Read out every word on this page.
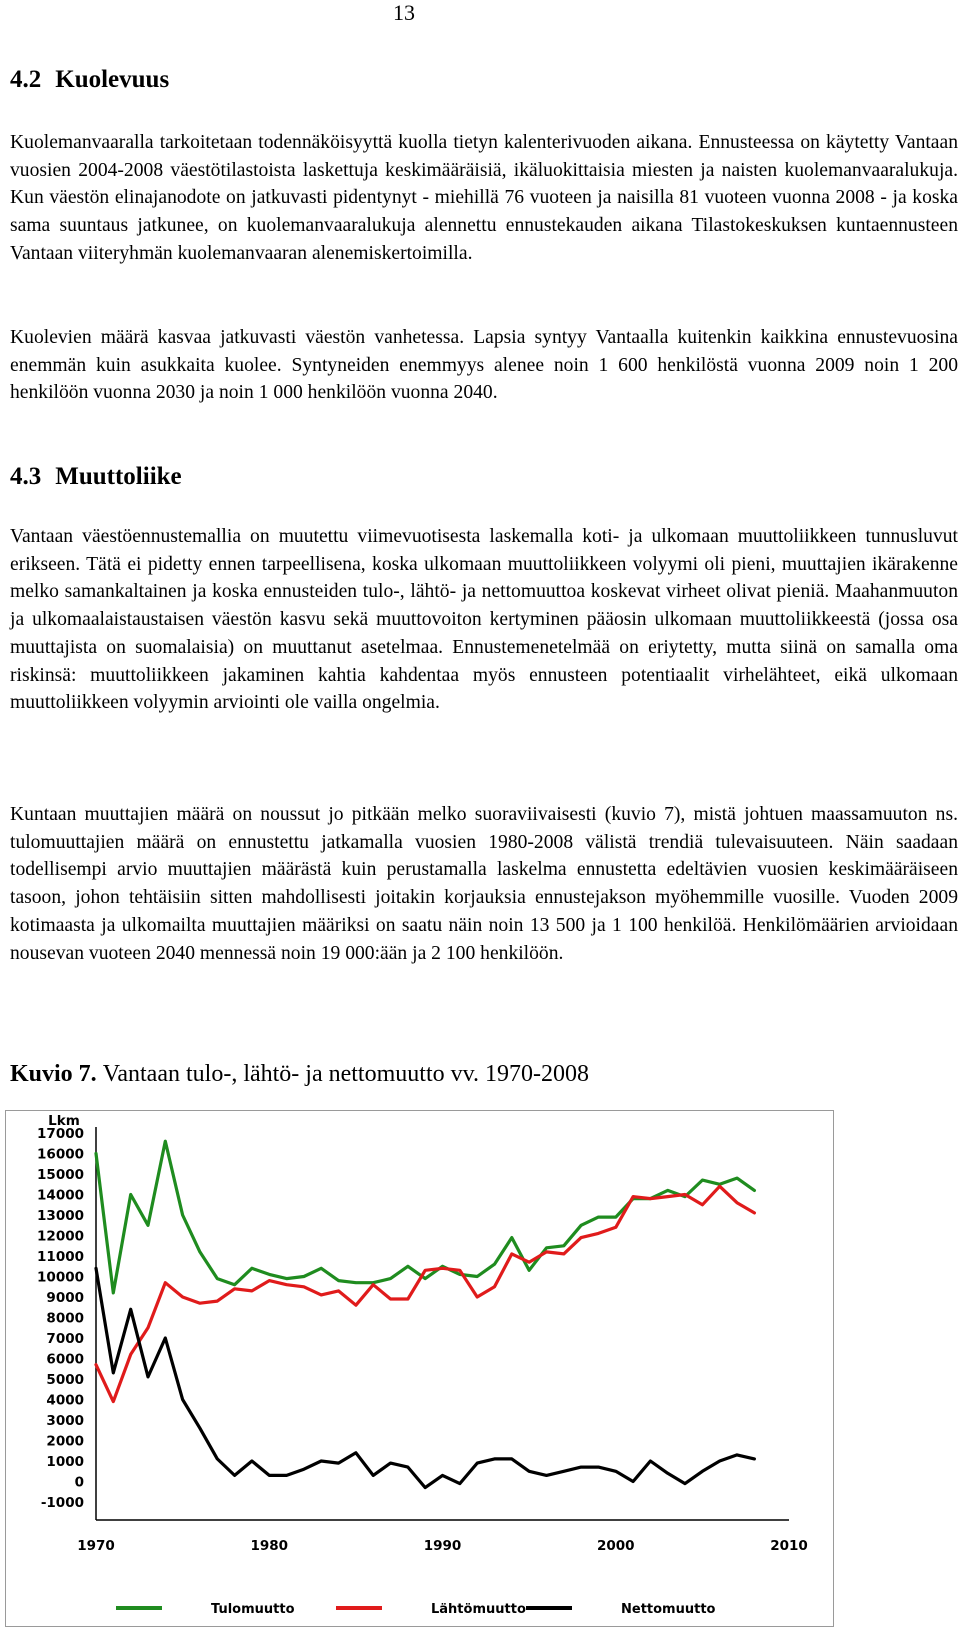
13
4.2 Kuolevuus

Kuolemanvaaralla tarkoitetaan todennäköisyyttä kuolla tietyn kalenterivuoden aikana. Ennusteessa on käytetty Vantaan vuosien 2004-2008 väestötilastoista laskettuja keskimääräisiä, ikäluokittaisia miesten ja naisten kuolemanvaaralukuja. Kun väestön elinajanodote on jatkuvasti pidentynyt - miehillä 76 vuoteen ja naisilla 81 vuoteen vuonna 2008 - ja koska sama suuntaus jatkunee, on kuolemanvaaralukuja alennettu ennustekauden aikana Tilastokeskuksen kuntaennusteen Vantaan viiteryhmän kuolemanvaaran alenemiskertoimilla.

Kuolevien määrä kasvaa jatkuvasti väestön vanhetessa. Lapsia syntyy Vantaalla kuitenkin kaikkina ennustevuosina enemmän kuin asukkaita kuolee. Syntyneiden enemmyys alenee noin 1 600 henkilöstä vuonna 2009 noin 1 200 henkilöön vuonna 2030 ja noin 1 000 henkilöön vuonna 2040.

4.3 Muuttoliike

Vantaan väestöennustemallia on muutettu viimevuotisesta laskemalla koti- ja ulkomaan muuttoliikkeen tunnusluvut erikseen. Tätä ei pidetty ennen tarpeellisena, koska ulkomaan muuttoliikkeen volyymi oli pieni, muuttajien ikärakenne melko samankaltainen ja koska ennusteiden tulo-, lähtö- ja nettomuuttoa koskevat virheet olivat pieniä. Maahanmuuton ja ulkomaalaistaustaisen väestön kasvu sekä muuttovoiton kertyminen pääosin ulkomaan muuttoliikkeestä (jossa osa muuttajista on suomalaisia) on muuttanut asetelmaa. Ennustemenetelmää on eriytetty, mutta siinä on samalla oma riskinsä: muuttoliikkeen jakaminen kahtia kahdentaa myös ennusteen potentiaalit virhelähteet, eikä ulkomaan muuttoliikkeen volyymin arviointi ole vailla ongelmia.

Kuntaan muuttajien määrä on noussut jo pitkään melko suoraviivaisesti (kuvio 7), mistä johtuen maassamuuton ns. tulomuuttajien määrä on ennustettu jatkamalla vuosien 1980-2008 välistä trendiä tulevaisuuteen. Näin saadaan todellisempi arvio muuttajien määrästä kuin perustamalla laskelma ennustetta edeltävien vuosien keskimääräiseen tasoon, johon tehtäisiin sitten mahdollisesti joitakin korjauksia ennustejakson myöhemmille vuosille. Vuoden 2009 kotimaasta ja ulkomailta muuttajien määriksi on saatu näin noin 13 500 ja 1 100 henkilöä. Henkilömäärien arvioidaan nousevan vuoteen 2040 mennessä noin 19 000:ään ja 2 100 henkilöön.

Kuvio 7. Vantaan tulo-, lähtö- ja nettomuutto vv. 1970-2008

Lkm
-1000
0
1000
2000
3000
4000
5000
6000
7000
8000
9000
10000
11000
12000
13000
14000
15000
16000
17000
1970	1980	1990	2000	2010
Tulomuutto	Lähtömuutto	Nettomuutto
